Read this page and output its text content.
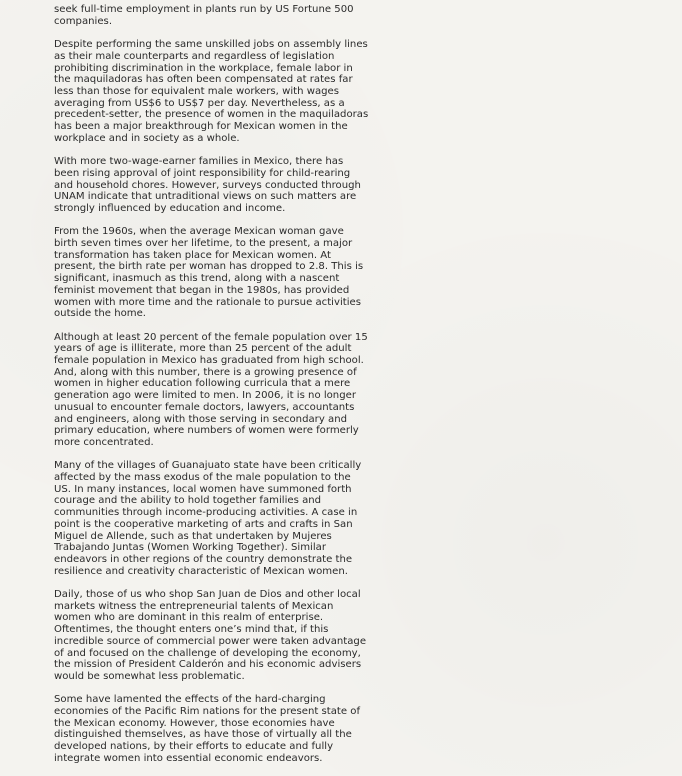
seek full-time employment in plants run by US Fortune 500
companies.

Despite performing the same unskilled jobs on assembly lines
as their male counterparts and regardless of legislation
prohibiting discrimination in the workplace, female labor in
the maquiladoras has often been compensated at rates far
less than those for equivalent male workers, with wages
averaging from US$6 to US$7 per day. Nevertheless, as a
precedent-setter, the presence of women in the maquiladoras
has been a major breakthrough for Mexican women in the
workplace and in society as a whole.

With more two-wage-earner families in Mexico, there has
been rising approval of joint responsibility for child-rearing
and household chores. However, surveys conducted through
UNAM indicate that untraditional views on such matters are
strongly influenced by education and income.

From the 1960s, when the average Mexican woman gave
birth seven times over her lifetime, to the present, a major
transformation has taken place for Mexican women. At
present, the birth rate per woman has dropped to 2.8. This is
significant, inasmuch as this trend, along with a nascent
feminist movement that began in the 1980s, has provided
women with more time and the rationale to pursue activities
outside the home.

Although at least 20 percent of the female population over 15
years of age is illiterate, more than 25 percent of the adult
female population in Mexico has graduated from high school.
And, along with this number, there is a growing presence of
women in higher education following curricula that a mere
generation ago were limited to men. In 2006, it is no longer
unusual to encounter female doctors, lawyers, accountants
and engineers, along with those serving in secondary and
primary education, where numbers of women were formerly
more concentrated.

Many of the villages of Guanajuato state have been critically
affected by the mass exodus of the male population to the
US. In many instances, local women have summoned forth
courage and the ability to hold together families and
communities through income-producing activities. A case in
point is the cooperative marketing of arts and crafts in San
Miguel de Allende, such as that undertaken by Mujeres
Trabajando Juntas (Women Working Together). Similar
endeavors in other regions of the country demonstrate the
resilience and creativity characteristic of Mexican women.

Daily, those of us who shop San Juan de Dios and other local
markets witness the entrepreneurial talents of Mexican
women who are dominant in this realm of enterprise.
Oftentimes, the thought enters one’s mind that, if this
incredible source of commercial power were taken advantage
of and focused on the challenge of developing the economy,
the mission of President Calderón and his economic advisers
would be somewhat less problematic.

Some have lamented the effects of the hard-charging
economies of the Pacific Rim nations for the present state of
the Mexican economy. However, those economies have
distinguished themselves, as have those of virtually all the
developed nations, by their efforts to educate and fully
integrate women into essential economic endeavors.
